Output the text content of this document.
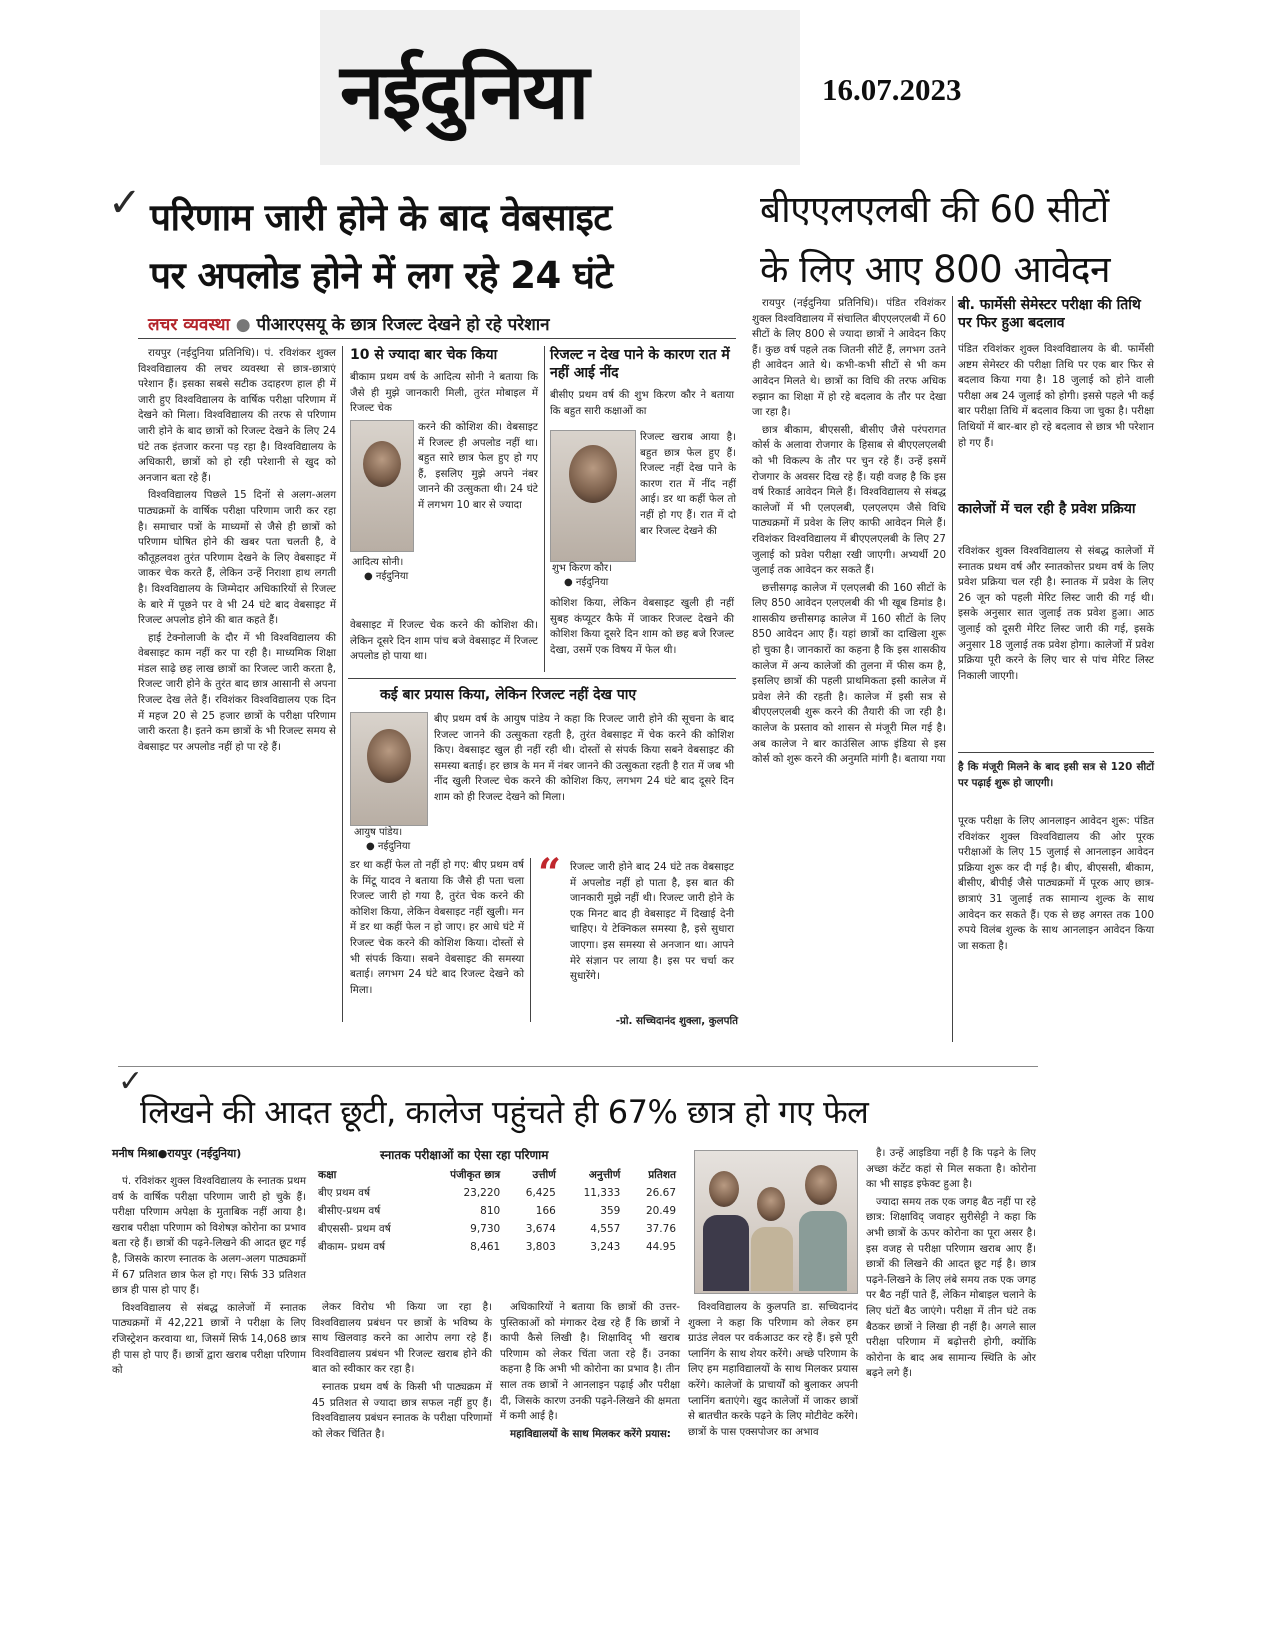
नईदुनिया	16.07.2023
✓ परिणाम जारी होने के बाद वेबसाइट
पर अपलोड होने में लग रहे 24 घंटे
लचर व्यवस्था ● पीआरएसयू के छात्र रिजल्ट देखने हो रहे परेशान

रायपुर (नईदुनिया प्रतिनिधि)। पं. रविशंकर शुक्ल विश्वविद्यालय की लचर व्यवस्था से छात्र-छात्राएं परेशान हैं। इसका सबसे सटीक उदाहरण हाल ही में जारी हुए विश्वविद्यालय के वार्षिक परीक्षा परिणाम में देखने को मिला। विश्वविद्यालय की तरफ से परिणाम जारी होने के बाद छात्रों को रिजल्ट देखने के लिए 24 घंटे तक इंतजार करना पड़ रहा है। विश्वविद्यालय के अधिकारी, छात्रों को हो रही परेशानी से खुद को अनजान बता रहे हैं।

विश्वविद्यालय पिछले 15 दिनों से अलग-अलग पाठ्यक्रमों के वार्षिक परीक्षा परिणाम जारी कर रहा है। समाचार पत्रों के माध्यमों से जैसे ही छात्रों को परिणाम घोषित होने की खबर पता चलती है, वे कौतूहलवश तुरंत परिणाम देखने के लिए वेबसाइट में जाकर चेक करते हैं, लेकिन उन्हें निराशा हाथ लगती है। विश्वविद्यालय के जिम्मेदार अधिकारियों से रिजल्ट के बारे में पूछने पर वे भी 24 घंटे बाद वेबसाइट में रिजल्ट अपलोड होने की बात कहते हैं।

हाई टेक्नोलाजी के दौर में भी विश्वविद्यालय की वेबसाइट काम नहीं कर पा रही है। माध्यमिक शिक्षा मंडल साढ़े छह लाख छात्रों का रिजल्ट जारी करता है, रिजल्ट जारी होने के तुरंत बाद छात्र आसानी से अपना रिजल्ट देख लेते हैं। रविशंकर विश्वविद्यालय एक दिन में महज 20 से 25 हजार छात्रों के परीक्षा परिणाम जारी करता है। इतने कम छात्रों के भी रिजल्ट समय से वेबसाइट पर अपलोड नहीं हो पा रहे हैं।

10 से ज्यादा बार चेक किया
बीकाम प्रथम वर्ष के आदित्य सोनी ने बताया कि जैसे ही मुझे जानकारी मिली, तुरंत मोबाइल में रिजल्ट चेक
करने की कोशिश की। वेबसाइट में रिजल्ट ही अपलोड नहीं था। बहुत सारे छात्र फेल हुए हो गए हैं, इसलिए मुझे अपने नंबर जानने की उत्सुकता थी। 24 घंटे में लगभग 10 बार से ज्यादा
आदित्य सोनी।
● नईदुनिया
वेबसाइट में रिजल्ट चेक करने की कोशिश की। लेकिन दूसरे दिन शाम पांच बजे वेबसाइट में रिजल्ट अपलोड हो पाया था।
रिजल्ट न देख पाने के कारण रात में नहीं आई नींद
बीसीए प्रथम वर्ष की शुभ किरण कौर ने बताया कि बहुत सारी कक्षाओं का
रिजल्ट खराब आया है। बहुत छात्र फेल हुए हैं। रिजल्ट नहीं देख पाने के कारण रात में नींद नहीं आई। डर था कहीं फेल तो नहीं हो गए हैं। रात में दो बार रिजल्ट देखने की
शुभ किरण कौर।
● नईदुनिया
कोशिश किया, लेकिन वेबसाइट खुली ही नहीं सुबह कंप्यूटर कैफे में जाकर रिजल्ट देखने की कोशिश किया दूसरे दिन शाम को छह बजे रिजल्ट देखा, उसमें एक विषय में फेल थी।
कई बार प्रयास किया, लेकिन रिजल्ट नहीं देख पाए
बीए प्रथम वर्ष के आयुष पांडेय ने कहा कि रिजल्ट जारी होने की सूचना के बाद रिजल्ट जानने की उत्सुकता रहती है, तुरंत वेबसाइट में चेक करने की कोशिश किए। वेबसाइट खुल ही नहीं रही थी। दोस्तों से संपर्क किया सबने वेबसाइट की समस्या बताई। हर छात्र के मन में नंबर जानने की उत्सुकता रहती है रात में जब भी नींद खुली रिजल्ट चेक करने की कोशिश किए, लगभग 24 घंटे बाद दूसरे दिन शाम को ही रिजल्ट देखने को मिला।
आयुष पांडेय।
● नईदुनिया
डर था कहीं फेल तो नहीं हो गए: बीए प्रथम वर्ष के मिंटू यादव ने बताया कि जैसे ही पता चला रिजल्ट जारी हो गया है, तुरंत चेक करने की कोशिश किया, लेकिन वेबसाइट नहीं खुली। मन में डर था कहीं फेल न हो जाए। हर आधे घंटे में रिजल्ट चेक करने की कोशिश किया। दोस्तों से भी संपर्क किया। सबने वेबसाइट की समस्या बताई। लगभग 24 घंटे बाद रिजल्ट देखने को मिला।
“ रिजल्ट जारी होने बाद 24 घंटे तक वेबसाइट में अपलोड नहीं हो पाता है, इस बात की जानकारी मुझे नहीं थी। रिजल्ट जारी होने के एक मिनट बाद ही वेबसाइट में दिखाई देनी चाहिए। ये टेक्निकल समस्या है, इसे सुधारा जाएगा। इस समस्या से अनजान था। आपने मेरे संज्ञान पर लाया है। इस पर चर्चा कर सुधारेंगे।
-प्रो. सच्चिदानंद शुक्ला, कुलपति
बीएएलएलबी की 60 सीटों
के लिए आए 800 आवेदन

रायपुर (नईदुनिया प्रतिनिधि)। पंडित रविशंकर शुक्ल विश्वविद्यालय में संचालित बीएएलएलबी में 60 सीटों के लिए 800 से ज्यादा छात्रों ने आवेदन किए हैं। कुछ वर्ष पहले तक जितनी सीटें हैं, लगभग उतने ही आवेदन आते थे। कभी-कभी सीटों से भी कम आवेदन मिलते थे। छात्रों का विधि की तरफ अधिक रुझान का शिक्षा में हो रहे बदलाव के तौर पर देखा जा रहा है।

छात्र बीकाम, बीएससी, बीसीए जैसे परंपरागत कोर्स के अलावा रोजगार के हिसाब से बीएएलएलबी को भी विकल्प के तौर पर चुन रहे हैं। उन्हें इसमें रोजगार के अवसर दिख रहे हैं। यही वजह है कि इस वर्ष रिकार्ड आवेदन मिले हैं। विश्वविद्यालय से संबद्ध कालेजों में भी एलएलबी, एलएलएम जैसे विधि पाठ्यक्रमों में प्रवेश के लिए काफी आवेदन मिले हैं। रविशंकर विश्वविद्यालय में बीएएलएलबी के लिए 27 जुलाई को प्रवेश परीक्षा रखी जाएगी। अभ्यर्थी 20 जुलाई तक आवेदन कर सकते हैं।

छत्तीसगढ़ कालेज में एलएलबी की 160 सीटों के लिए 850 आवेदन एलएलबी की भी खूब डिमांड है। शासकीय छत्तीसगढ़ कालेज में 160 सीटों के लिए 850 आवेदन आए हैं। यहां छात्रों का दाखिला शुरू हो चुका है। जानकारों का कहना है कि इस शासकीय कालेज में अन्य कालेजों की तुलना में फीस कम है, इसलिए छात्रों की पहली प्राथमिकता इसी कालेज में प्रवेश लेने की रहती है। कालेज में इसी सत्र से बीएएलएलबी शुरू करने की तैयारी की जा रही है। कालेज के प्रस्ताव को शासन से मंजूरी मिल गई है। अब कालेज ने बार काउंसिल आफ इंडिया से इस कोर्स को शुरू करने की अनुमति मांगी है। बताया गया

बी. फार्मेसी सेमेस्टर परीक्षा की तिथि पर फिर हुआ बदलाव
पंडित रविशंकर शुक्ल विश्वविद्यालय के बी. फार्मेसी अष्टम सेमेस्टर की परीक्षा तिथि पर एक बार फिर से बदलाव किया गया है। 18 जुलाई को होने वाली परीक्षा अब 24 जुलाई को होगी। इससे पहले भी कई बार परीक्षा तिथि में बदलाव किया जा चुका है। परीक्षा तिथियों में बार-बार हो रहे बदलाव से छात्र भी परेशान हो गए हैं।
कालेजों में चल रही है प्रवेश प्रक्रिया
रविशंकर शुक्ल विश्वविद्यालय से संबद्ध कालेजों में स्नातक प्रथम वर्ष और स्नातकोत्तर प्रथम वर्ष के लिए प्रवेश प्रक्रिया चल रही है। स्नातक में प्रवेश के लिए 26 जून को पहली मेरिट लिस्ट जारी की गई थी। इसके अनुसार सात जुलाई तक प्रवेश हुआ। आठ जुलाई को दूसरी मेरिट लिस्ट जारी की गई, इसके अनुसार 18 जुलाई तक प्रवेश होगा। कालेजों में प्रवेश प्रक्रिया पूरी करने के लिए चार से पांच मेरिट लिस्ट निकाली जाएगी।
है कि मंजूरी मिलने के बाद इसी सत्र से 120 सीटों पर पढ़ाई शुरू हो जाएगी।
पूरक परीक्षा के लिए आनलाइन आवेदन शुरू: पंडित रविशंकर शुक्ल विश्वविद्यालय की ओर पूरक परीक्षाओं के लिए 15 जुलाई से आनलाइन आवेदन प्रक्रिया शुरू कर दी गई है। बीए, बीएससी, बीकाम, बीसीए, बीपीई जैसे पाठ्यक्रमों में पूरक आए छात्र-छात्राएं 31 जुलाई तक सामान्य शुल्क के साथ आवेदन कर सकते हैं। एक से छह अगस्त तक 100 रुपये विलंब शुल्क के साथ आनलाइन आवेदन किया जा सकता है।
✓
लिखने की आदत छूटी, कालेज पहुंचते ही 67% छात्र हो गए फेल
मनीष मिश्रा●रायपुर (नईदुनिया)

पं. रविशंकर शुक्ल विश्वविद्यालय के स्नातक प्रथम वर्ष के वार्षिक परीक्षा परिणाम जारी हो चुके हैं। परीक्षा परिणाम अपेक्षा के मुताबिक नहीं आया है। खराब परीक्षा परिणाम को विशेषज्ञ कोरोना का प्रभाव बता रहे हैं। छात्रों की पढ़ने-लिखने की आदत छूट गई है, जिसके कारण स्नातक के अलग-अलग पाठ्यक्रमों में 67 प्रतिशत छात्र फेल हो गए। सिर्फ 33 प्रतिशत छात्र ही पास हो पाए हैं।

विश्वविद्यालय से संबद्ध कालेजों में स्नातक पाठ्यक्रमों में 42,221 छात्रों ने परीक्षा के लिए रजिस्ट्रेशन करवाया था, जिसमें सिर्फ 14,068 छात्र ही पास हो पाए हैं। छात्रों द्वारा खराब परीक्षा परिणाम को

स्नातक परीक्षाओं का ऐसा रहा परिणाम
कक्षा	पंजीकृत छात्र	उत्तीर्ण	अनुत्तीर्ण	प्रतिशत
बीए प्रथम वर्ष	23,220	6,425	11,333	26.67
बीसीए-प्रथम वर्ष	810	166	359	20.49
बीएससी- प्रथम वर्ष	9,730	3,674	4,557	37.76
बीकाम- प्रथम वर्ष	8,461	3,803	3,243	44.95

लेकर विरोध भी किया जा रहा है। विश्वविद्यालय प्रबंधन पर छात्रों के भविष्य के साथ खिलवाड़ करने का आरोप लगा रहे हैं। विश्वविद्यालय प्रबंधन भी रिजल्ट खराब होने की बात को स्वीकार कर रहा है।

स्नातक प्रथम वर्ष के किसी भी पाठ्यक्रम में 45 प्रतिशत से ज्यादा छात्र सफल नहीं हुए हैं। विश्वविद्यालय प्रबंधन स्नातक के परीक्षा परिणामों को लेकर चिंतित है।

अधिकारियों ने बताया कि छात्रों की उत्तर-पुस्तिकाओं को मंगाकर देख रहे हैं कि छात्रों ने कापी कैसे लिखी है। शिक्षाविद् भी खराब परिणाम को लेकर चिंता जता रहे हैं। उनका कहना है कि अभी भी कोरोना का प्रभाव है। तीन साल तक छात्रों ने आनलाइन पढ़ाई और परीक्षा दी, जिसके कारण उनकी पढ़ने-लिखने की क्षमता में कमी आई है।

महाविद्यालयों के साथ मिलकर करेंगे प्रयास:

विश्वविद्यालय के कुलपति डा. सच्चिदानंद शुक्ला ने कहा कि परिणाम को लेकर हम ग्राउंड लेवल पर वर्कआउट कर रहे हैं। इसे पूरी प्लानिंग के साथ शेयर करेंगे। अच्छे परिणाम के लिए हम महाविद्यालयों के साथ मिलकर प्रयास करेंगे। कालेजों के प्राचार्यों को बुलाकर अपनी प्लानिंग बताएंगे। खुद कालेजों में जाकर छात्रों से बातचीत करके पढ़ने के लिए मोटीवेट करेंगे। छात्रों के पास एक्सपोजर का अभाव

है। उन्हें आइडिया नहीं है कि पढ़ने के लिए अच्छा कंटेंट कहां से मिल सकता है। कोरोना का भी साइड इफेक्ट हुआ है।

ज्यादा समय तक एक जगह बैठ नहीं पा रहे छात्र: शिक्षाविद् जवाहर सुरीसेट्टी ने कहा कि अभी छात्रों के ऊपर कोरोना का पूरा असर है। इस वजह से परीक्षा परिणाम खराब आए हैं। छात्रों की लिखने की आदत छूट गई है। छात्र पढ़ने-लिखने के लिए लंबे समय तक एक जगह पर बैठ नहीं पाते हैं, लेकिन मोबाइल चलाने के लिए घंटों बैठ जाएंगे। परीक्षा में तीन घंटे तक बैठकर छात्रों ने लिखा ही नहीं है। अगले साल परीक्षा परिणाम में बढ़ोत्तरी होगी, क्योंकि कोरोना के बाद अब सामान्य स्थिति के ओर बढ़ने लगे हैं।
